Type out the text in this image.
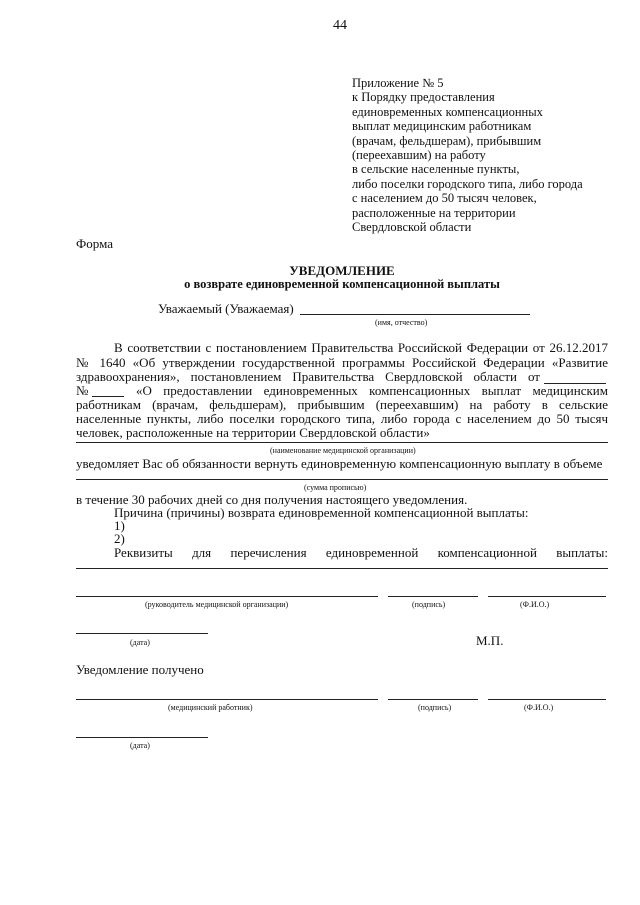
44
Приложение № 5
к Порядку предоставления
единовременных компенсационных
выплат медицинским работникам
(врачам, фельдшерам), прибывшим
(переехавшим) на работу
в сельские населенные пункты,
либо поселки городского типа, либо города
с населением до 50 тысяч человек,
расположенные на территории
Свердловской области
Форма
УВЕДОМЛЕНИЕ
о возврате единовременной компенсационной выплаты
Уважаемый (Уважаемая)
(имя, отчество)
В соответствии с постановлением Правительства Российской Федерации от 26.12.2017
№ 1640 «Об утверждении государственной программы Российской Федерации «Развитие
здравоохранения», постановлением Правительства Свердловской области от
№	«О предоставлении единовременных компенсационных выплат медицинским
работникам (врачам, фельдшерам), прибывшим (переехавшим) на работу в сельские
населенные пункты, либо поселки городского типа, либо города с населением до 50 тысяч
человек, расположенные на территории Свердловской области»
(наименование медицинской организации)
уведомляет Вас об обязанности вернуть единовременную компенсационную выплату в объеме
(сумма прописью)
в течение 30 рабочих дней со дня получения настоящего уведомления.
Причина (причины) возврата единовременной компенсационной выплаты:
1)
2)
Реквизиты для перечисления единовременной компенсационной выплаты:
(руководитель медицинской организации)	(подпись)	(Ф.И.О.)
(дата)	М.П.
Уведомление получено
(медицинский работник)	(подпись)	(Ф.И.О.)
(дата)
